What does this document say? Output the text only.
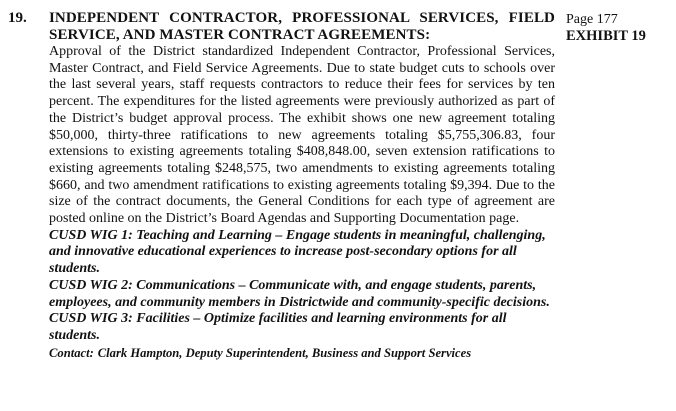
19. INDEPENDENT CONTRACTOR, PROFESSIONAL SERVICES, FIELD SERVICE, AND MASTER CONTRACT AGREEMENTS:

Approval of the District standardized Independent Contractor, Professional Services, Master Contract, and Field Service Agreements. Due to state budget cuts to schools over the last several years, staff requests contractors to reduce their fees for services by ten percent. The expenditures for the listed agreements were previously authorized as part of the District’s budget approval process. The exhibit shows one new agreement totaling $50,000, thirty-three ratifications to new agreements totaling $5,755,306.83, four extensions to existing agreements totaling $408,848.00, seven extension ratifications to existing agreements totaling $248,575, two amendments to existing agreements totaling $660, and two amendment ratifications to existing agreements totaling $9,394. Due to the size of the contract documents, the General Conditions for each type of agreement are posted online on the District’s Board Agendas and Supporting Documentation page.

CUSD WIG 1: Teaching and Learning – Engage students in meaningful, challenging, and innovative educational experiences to increase post-secondary options for all students.

CUSD WIG 2: Communications – Communicate with, and engage students, parents, employees, and community members in Districtwide and community-specific decisions.

CUSD WIG 3: Facilities – Optimize facilities and learning environments for all students.

Contact: Clark Hampton, Deputy Superintendent, Business and Support Services

Page 177
EXHIBIT 19
